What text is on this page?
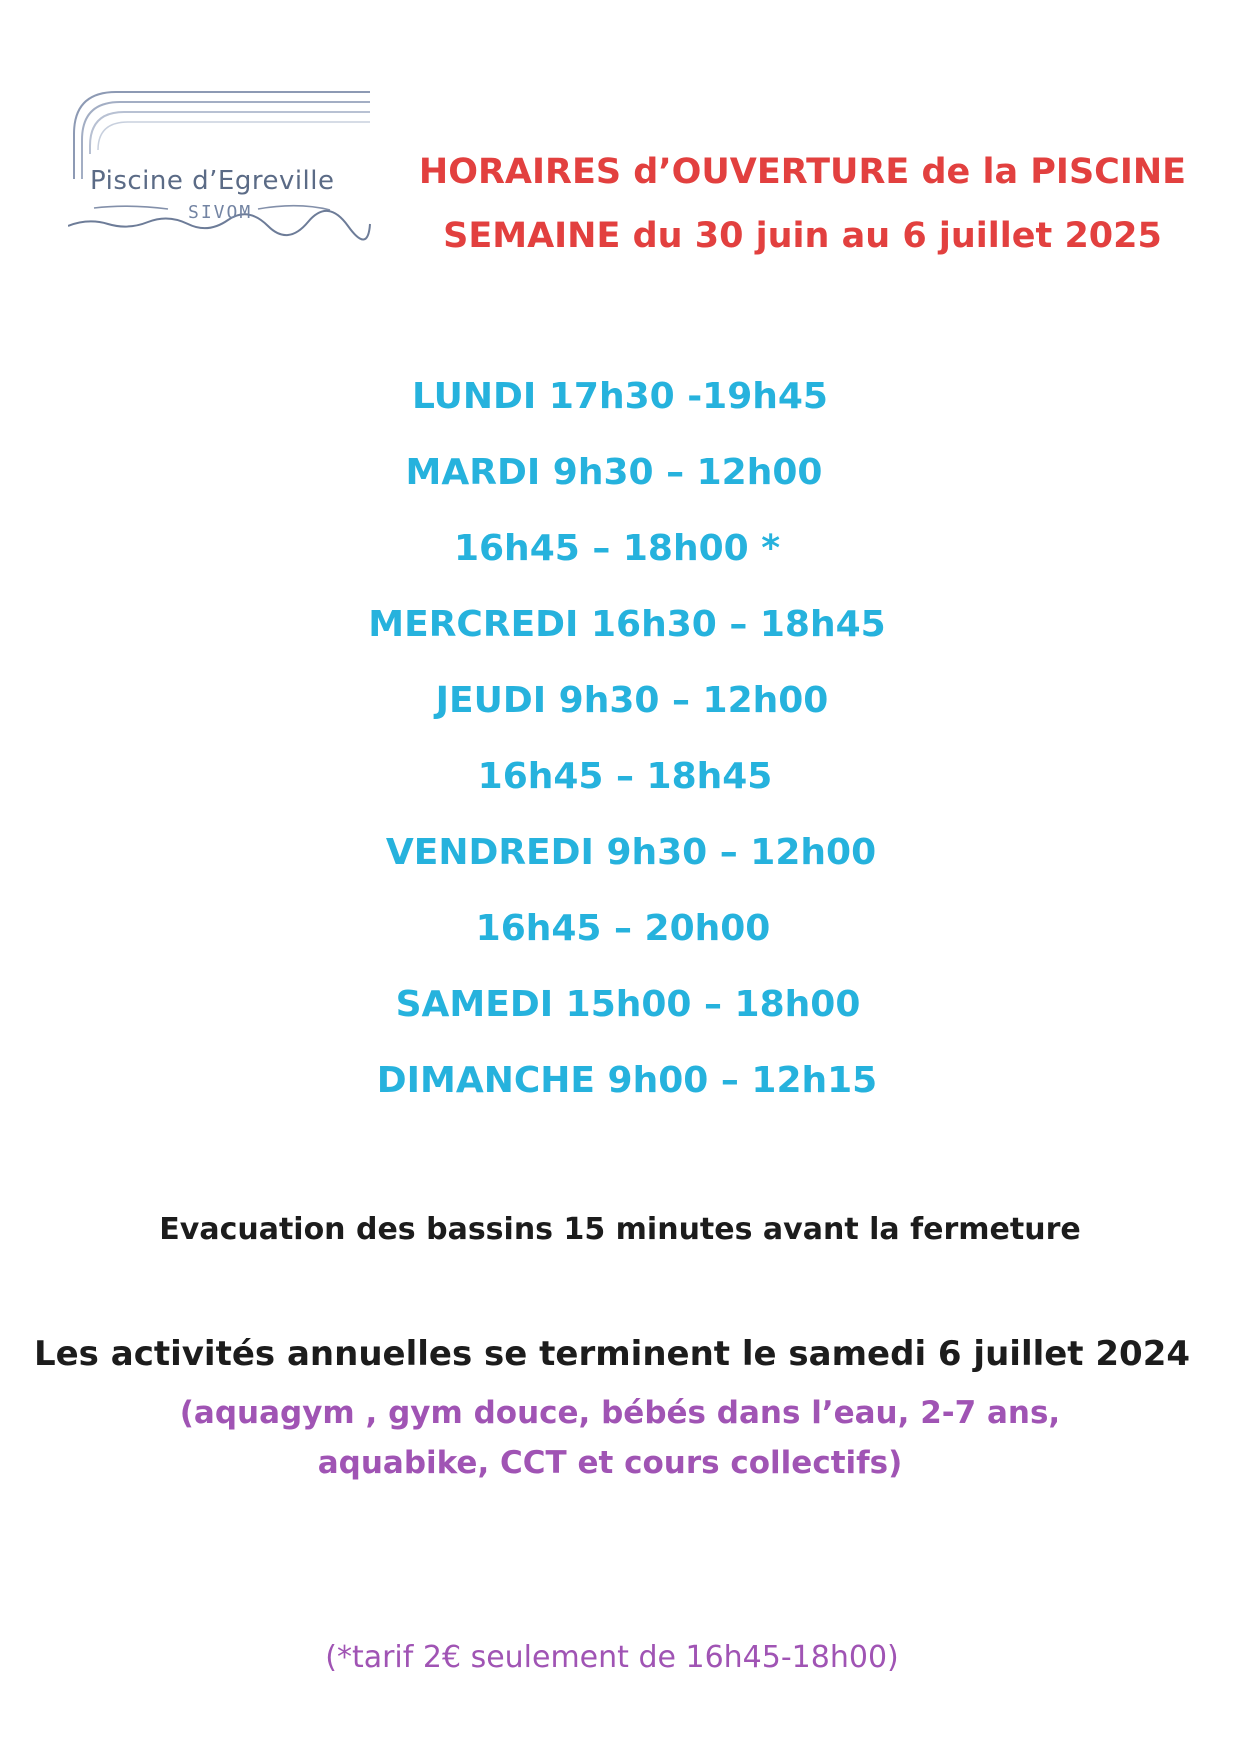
Piscine d’Egreville
SIVOM
HORAIRES d’OUVERTURE de la PISCINE
SEMAINE du 30 juin au 6 juillet 2025
LUNDI 17h30 -19h45
MARDI 9h30 – 12h00
16h45 – 18h00 *
MERCREDI 16h30 – 18h45
JEUDI 9h30 – 12h00
16h45 – 18h45
VENDREDI 9h30 – 12h00
16h45 – 20h00
SAMEDI 15h00 – 18h00
DIMANCHE 9h00 – 12h15
Evacuation des bassins 15 minutes avant la fermeture
Les activités annuelles se terminent le samedi 6 juillet 2024
(aquagym , gym douce, bébés dans l’eau, 2-7 ans,
aquabike, CCT et cours collectifs)
(*tarif 2€ seulement de 16h45-18h00)
